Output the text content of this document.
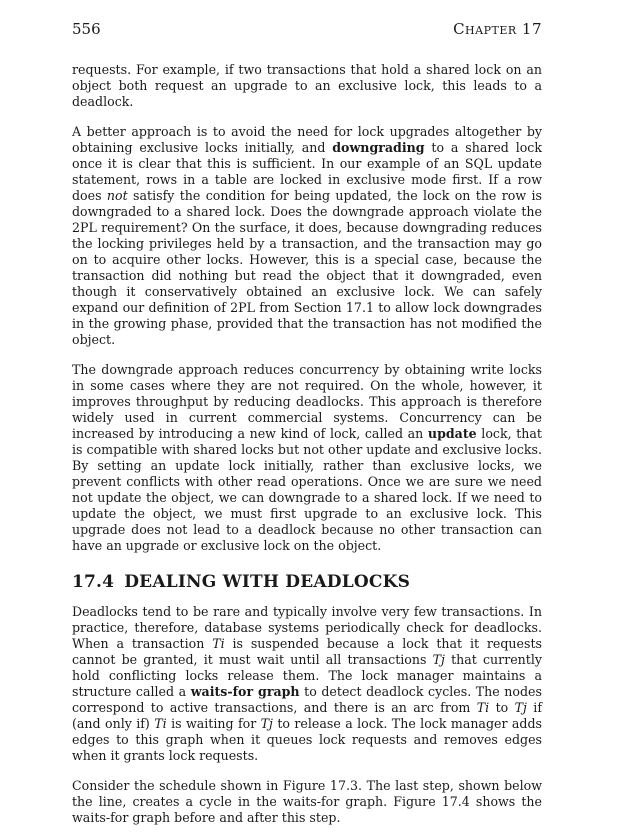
556	Chapter 17

requests. For example, if two transactions that hold a shared lock on an object both request an upgrade to an exclusive lock, this leads to a deadlock.

A better approach is to avoid the need for lock upgrades altogether by obtaining exclusive locks initially, and downgrading to a shared lock once it is clear that this is sufficient. In our example of an SQL update statement, rows in a table are locked in exclusive mode first. If a row does not satisfy the condition for being updated, the lock on the row is downgraded to a shared lock. Does the downgrade approach violate the 2PL requirement? On the surface, it does, because downgrading reduces the locking privileges held by a transaction, and the transaction may go on to acquire other locks. However, this is a special case, because the transaction did nothing but read the object that it downgraded, even though it conservatively obtained an exclusive lock. We can safely expand our definition of 2PL from Section 17.1 to allow lock downgrades in the growing phase, provided that the transaction has not modified the object.

The downgrade approach reduces concurrency by obtaining write locks in some cases where they are not required. On the whole, however, it improves throughput by reducing deadlocks. This approach is therefore widely used in current commercial systems. Concurrency can be increased by introducing a new kind of lock, called an update lock, that is compatible with shared locks but not other update and exclusive locks. By setting an update lock initially, rather than exclusive locks, we prevent conflicts with other read operations. Once we are sure we need not update the object, we can downgrade to a shared lock. If we need to update the object, we must first upgrade to an exclusive lock. This upgrade does not lead to a deadlock because no other transaction can have an upgrade or exclusive lock on the object.

17.4 DEALING WITH DEADLOCKS

Deadlocks tend to be rare and typically involve very few transactions. In practice, therefore, database systems periodically check for deadlocks. When a transaction Ti is suspended because a lock that it requests cannot be granted, it must wait until all transactions Tj that currently hold conflicting locks release them. The lock manager maintains a structure called a waits-for graph to detect deadlock cycles. The nodes correspond to active transactions, and there is an arc from Ti to Tj if (and only if) Ti is waiting for Tj to release a lock. The lock manager adds edges to this graph when it queues lock requests and removes edges when it grants lock requests.

Consider the schedule shown in Figure 17.3. The last step, shown below the line, creates a cycle in the waits-for graph. Figure 17.4 shows the waits-for graph before and after this step.
